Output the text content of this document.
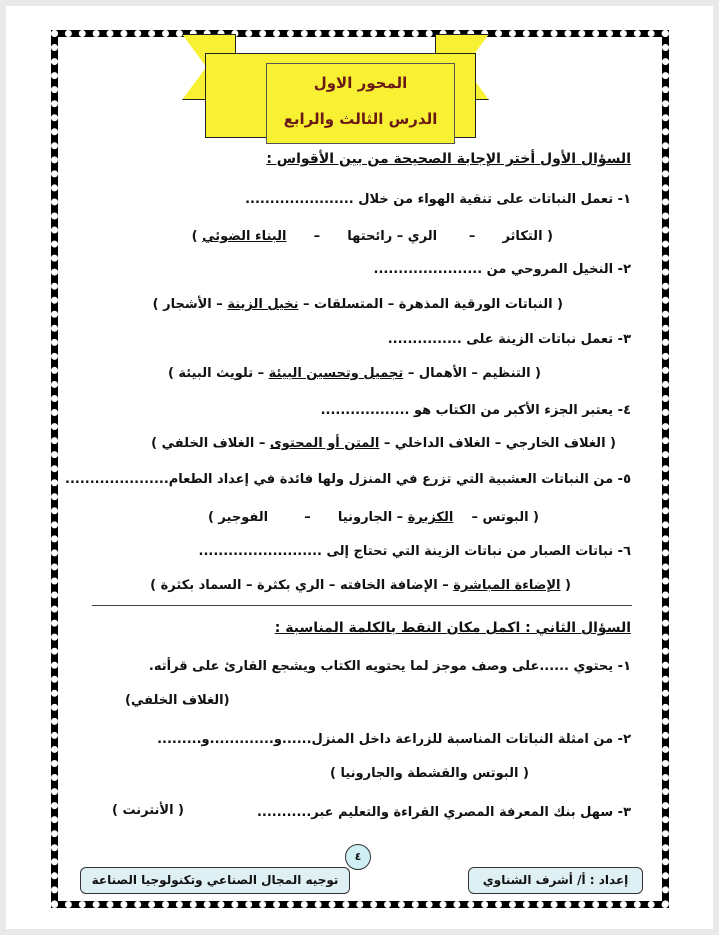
المحور الاول
الدرس الثالث والرابع
السؤال الأول أختر الإجابة الصحيحة من بين الأقواس :
١- تعمل النباتات على تنقية الهواء من خلال ......................
( التكاثر      –       الري – رائحتها      –      البناء الضوئي )
٢- النخيل المروحي من ......................
( النباتات الورقية المذهرة – المتسلقات – نخيل الزينة – الأشجار )
٣- تعمل نباتات الزينة على ...............
( التنظيم – الأهمال – تجميل وتحسين البيئة – تلويث البيئة )
٤- يعتبر الجزء الأكبر من الكتاب هو ..................
( الغلاف الخارجي – الغلاف الداخلي – المتن أو المحتوى – الغلاف الخلفي )
٥- من النباتات العشبية التي تزرع في المنزل ولها فائدة في إعداد الطعام.....................
( البوتس –    الكزبرة – الجارونيا      –        الفوجير )
٦- نباتات الصبار من نباتات الزينة التي تحتاج إلى .........................
( الإضاءة المباشرة – الإضافة الخافته – الري بكثرة – السماد بكثرة )
السؤال الثاني : اكمل مكان النقط بالكلمة المناسبة :
١- يحتوي ......على وصف موجز لما يحتويه الكتاب ويشجع القارئ على قرأته.
(الغلاف الخلفي)
٢- من امثلة النباتات المناسبة للزراعة داخل المنزل......و.............و.........
( البوتس والقشطة والجارونيا )
٣- سهل بنك المعرفة المصري القراءة والتعليم عبر...........
( الأنترنت )
٤
إعداد : أ/ أشرف الشناوي
توجيه المجال الصناعي وتكنولوجيا الصناعة
